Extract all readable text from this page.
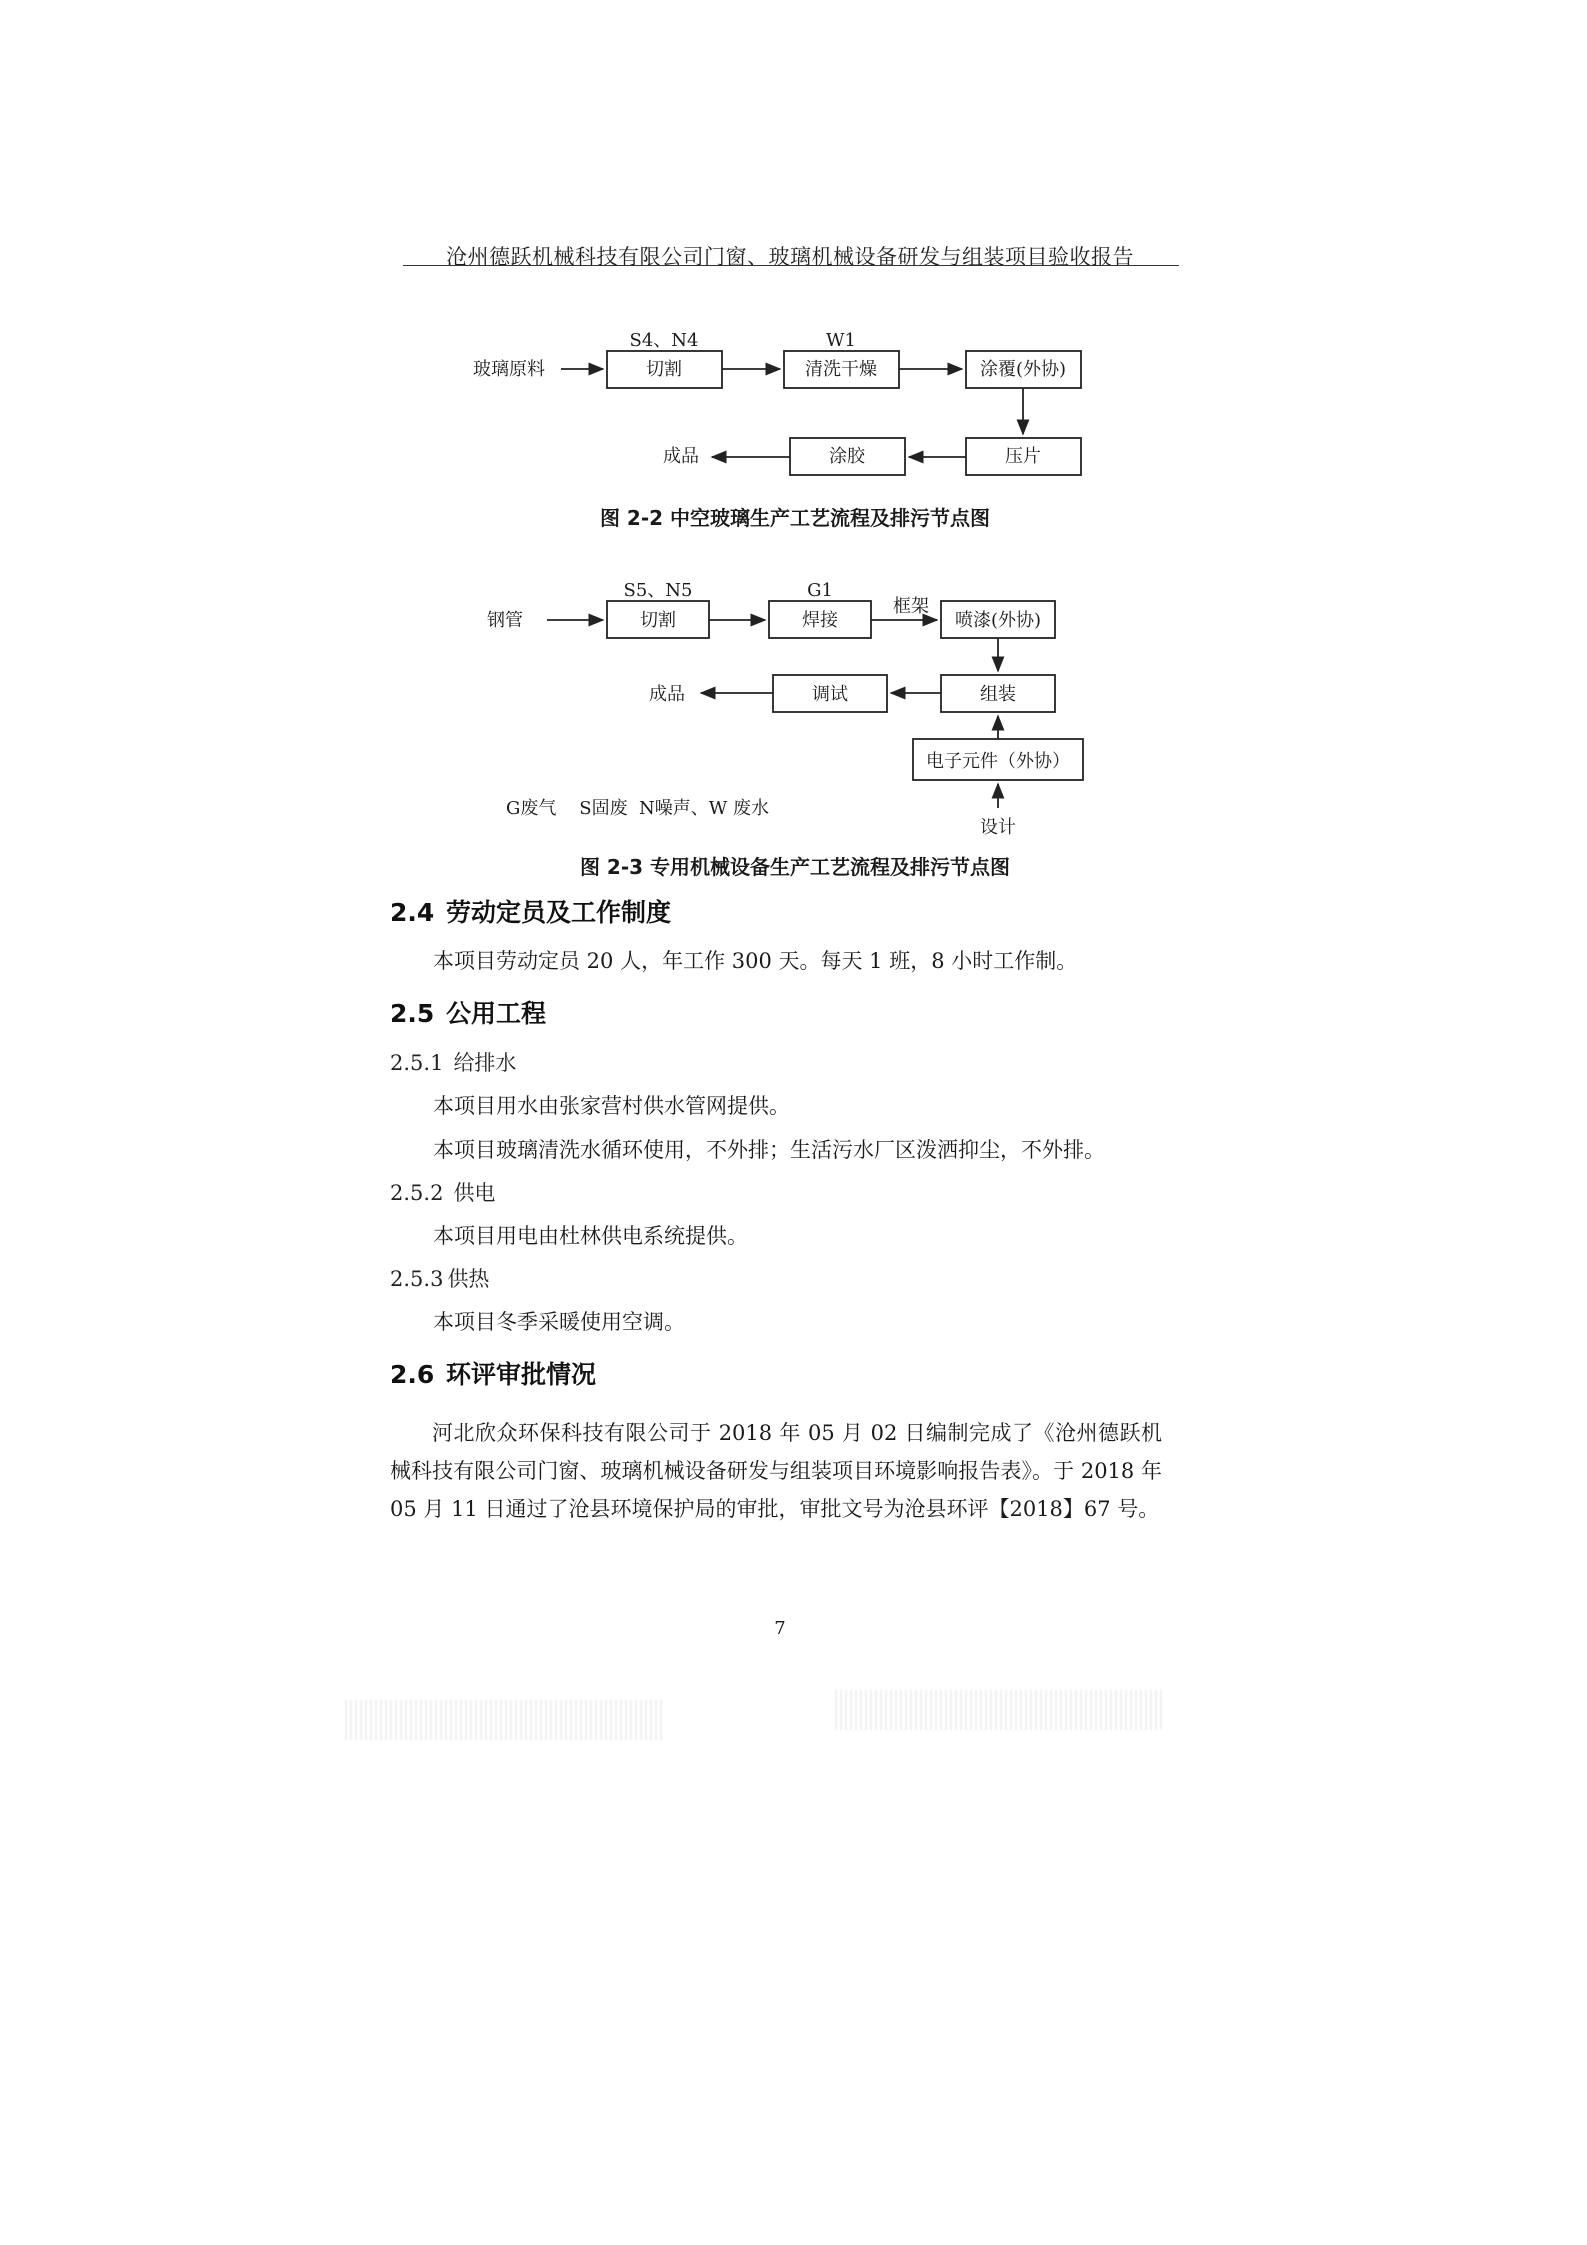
沧州德跃机械科技有限公司门窗、玻璃机械设备研发与组装项目验收报告
玻璃原料	切割	清洗干燥	涂覆(外协)
压片
涂胶
S4、N4	W1
成品
图 2-2 中空玻璃生产工艺流程及排污节点图
钢管	切割	焊接	喷漆(外协)
组装
调试
电子元件（外协）
S5、N5	G1
框架
设计
成品
G废气    S固废  N噪声、W 废水
图 2-3 专用机械设备生产工艺流程及排污节点图
2.4 劳动定员及工作制度
本项目劳动定员 20 人，年工作 300 天。每天 1 班，8 小时工作制。
2.5 公用工程
2.5.1 给排水
本项目用水由张家营村供水管网提供。
本项目玻璃清洗水循环使用，不外排；生活污水厂区泼洒抑尘，不外排。
2.5.2 供电
本项目用电由杜林供电系统提供。
2.5.3 供热
本项目冬季采暖使用空调。
2.6 环评审批情况
河北欣众环保科技有限公司于 2018 年 05 月 02 日编制完成了《沧州德跃机械科技有限公司门窗、玻璃机械设备研发与组装项目环境影响报告表》。于 2018 年 05 月 11 日通过了沧县环境保护局的审批，审批文号为沧县环评【2018】67 号。
7
